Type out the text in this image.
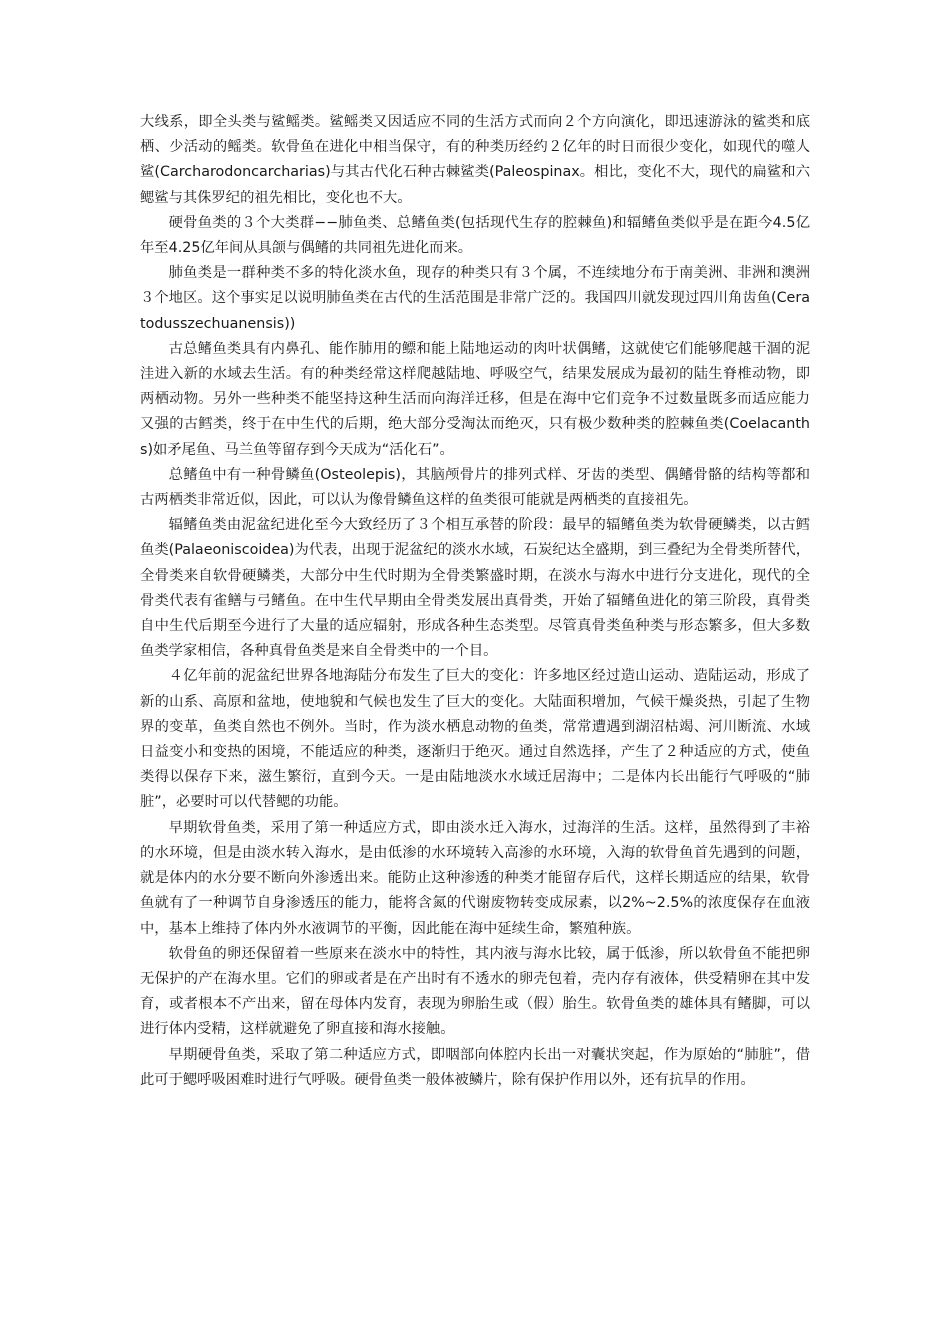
大线系，即全头类与鲨鳐类。鲨鳐类又因适应不同的生活方式而向２个方向演化，即迅速游泳的鲨类和底栖、少活动的鳐类。软骨鱼在进化中相当保守，有的种类历经约２亿年的时日而很少变化，如现代的噬人鲨(Carcharodoncarcharias)与其古代化石种古棘鲨类(Paleospinax。相比，变化不大，现代的扁鲨和六鳃鲨与其侏罗纪的祖先相比，变化也不大。

硬骨鱼类的３个大类群−−肺鱼类、总鳍鱼类(包括现代生存的腔棘鱼)和辐鳍鱼类似乎是在距今4.5亿年至4.25亿年间从具颌与偶鳍的共同祖先进化而来。

肺鱼类是一群种类不多的特化淡水鱼，现存的种类只有３个属，不连续地分布于南美洲、非洲和澳洲３个地区。这个事实足以说明肺鱼类在古代的生活范围是非常广泛的。我国四川就发现过四川角齿鱼(Ceratodusszechuanensis))

古总鳍鱼类具有内鼻孔、能作肺用的鳔和能上陆地运动的肉叶状偶鳍，这就使它们能够爬越干涸的泥洼进入新的水域去生活。有的种类经常这样爬越陆地、呼吸空气，结果发展成为最初的陆生脊椎动物，即两栖动物。另外一些种类不能坚持这种生活而向海洋迁移，但是在海中它们竞争不过数量既多而适应能力又强的古鳕类，终于在中生代的后期，绝大部分受淘汰而绝灭，只有极少数种类的腔棘鱼类(Coelacanths)如矛尾鱼、马兰鱼等留存到今天成为“活化石”。

总鳍鱼中有一种骨鳞鱼(Osteolepis)，其脑颅骨片的排列式样、牙齿的类型、偶鳍骨骼的结构等都和古两栖类非常近似，因此，可以认为像骨鳞鱼这样的鱼类很可能就是两栖类的直接祖先。

辐鳍鱼类由泥盆纪进化至今大致经历了３个相互承替的阶段：最早的辐鳍鱼类为软骨硬鳞类，以古鳕鱼类(Palaeoniscoidea)为代表，出现于泥盆纪的淡水水域，石炭纪达全盛期，到三叠纪为全骨类所替代，全骨类来自软骨硬鳞类，大部分中生代时期为全骨类繁盛时期，在淡水与海水中进行分支进化，现代的全骨类代表有雀鳝与弓鳍鱼。在中生代早期由全骨类发展出真骨类，开始了辐鳍鱼进化的第三阶段，真骨类自中生代后期至今进行了大量的适应辐射，形成各种生态类型。尽管真骨类鱼种类与形态繁多，但大多数鱼类学家相信，各种真骨鱼类是来自全骨类中的一个目。

４亿年前的泥盆纪世界各地海陆分布发生了巨大的变化：许多地区经过造山运动、造陆运动，形成了新的山系、高原和盆地，使地貌和气候也发生了巨大的变化。大陆面积增加，气候干燥炎热，引起了生物界的变革，鱼类自然也不例外。当时，作为淡水栖息动物的鱼类，常常遭遇到湖沼枯竭、河川断流、水域日益变小和变热的困境，不能适应的种类，逐渐归于绝灭。通过自然选择，产生了２种适应的方式，使鱼类得以保存下来，滋生繁衍，直到今天。一是由陆地淡水水域迁居海中；二是体内长出能行气呼吸的“肺脏”，必要时可以代替鳃的功能。

早期软骨鱼类，采用了第一种适应方式，即由淡水迁入海水，过海洋的生活。这样，虽然得到了丰裕的水环境，但是由淡水转入海水，是由低渗的水环境转入高渗的水环境，入海的软骨鱼首先遇到的问题，就是体内的水分要不断向外渗透出来。能防止这种渗透的种类才能留存后代，这样长期适应的结果，软骨鱼就有了一种调节自身渗透压的能力，能将含氮的代谢废物转变成尿素，以2%~2.5%的浓度保存在血液中，基本上维持了体内外水液调节的平衡，因此能在海中延续生命，繁殖种族。

软骨鱼的卵还保留着一些原来在淡水中的特性，其内液与海水比较，属于低渗，所以软骨鱼不能把卵无保护的产在海水里。它们的卵或者是在产出时有不透水的卵壳包着，壳内存有液体，供受精卵在其中发育，或者根本不产出来，留在母体内发育，表现为卵胎生或（假）胎生。软骨鱼类的雄体具有鳍脚，可以进行体内受精，这样就避免了卵直接和海水接触。

早期硬骨鱼类，采取了第二种适应方式，即咽部向体腔内长出一对囊状突起，作为原始的“肺脏”，借此可于鳃呼吸困难时进行气呼吸。硬骨鱼类一般体被鳞片，除有保护作用以外，还有抗旱的作用。
